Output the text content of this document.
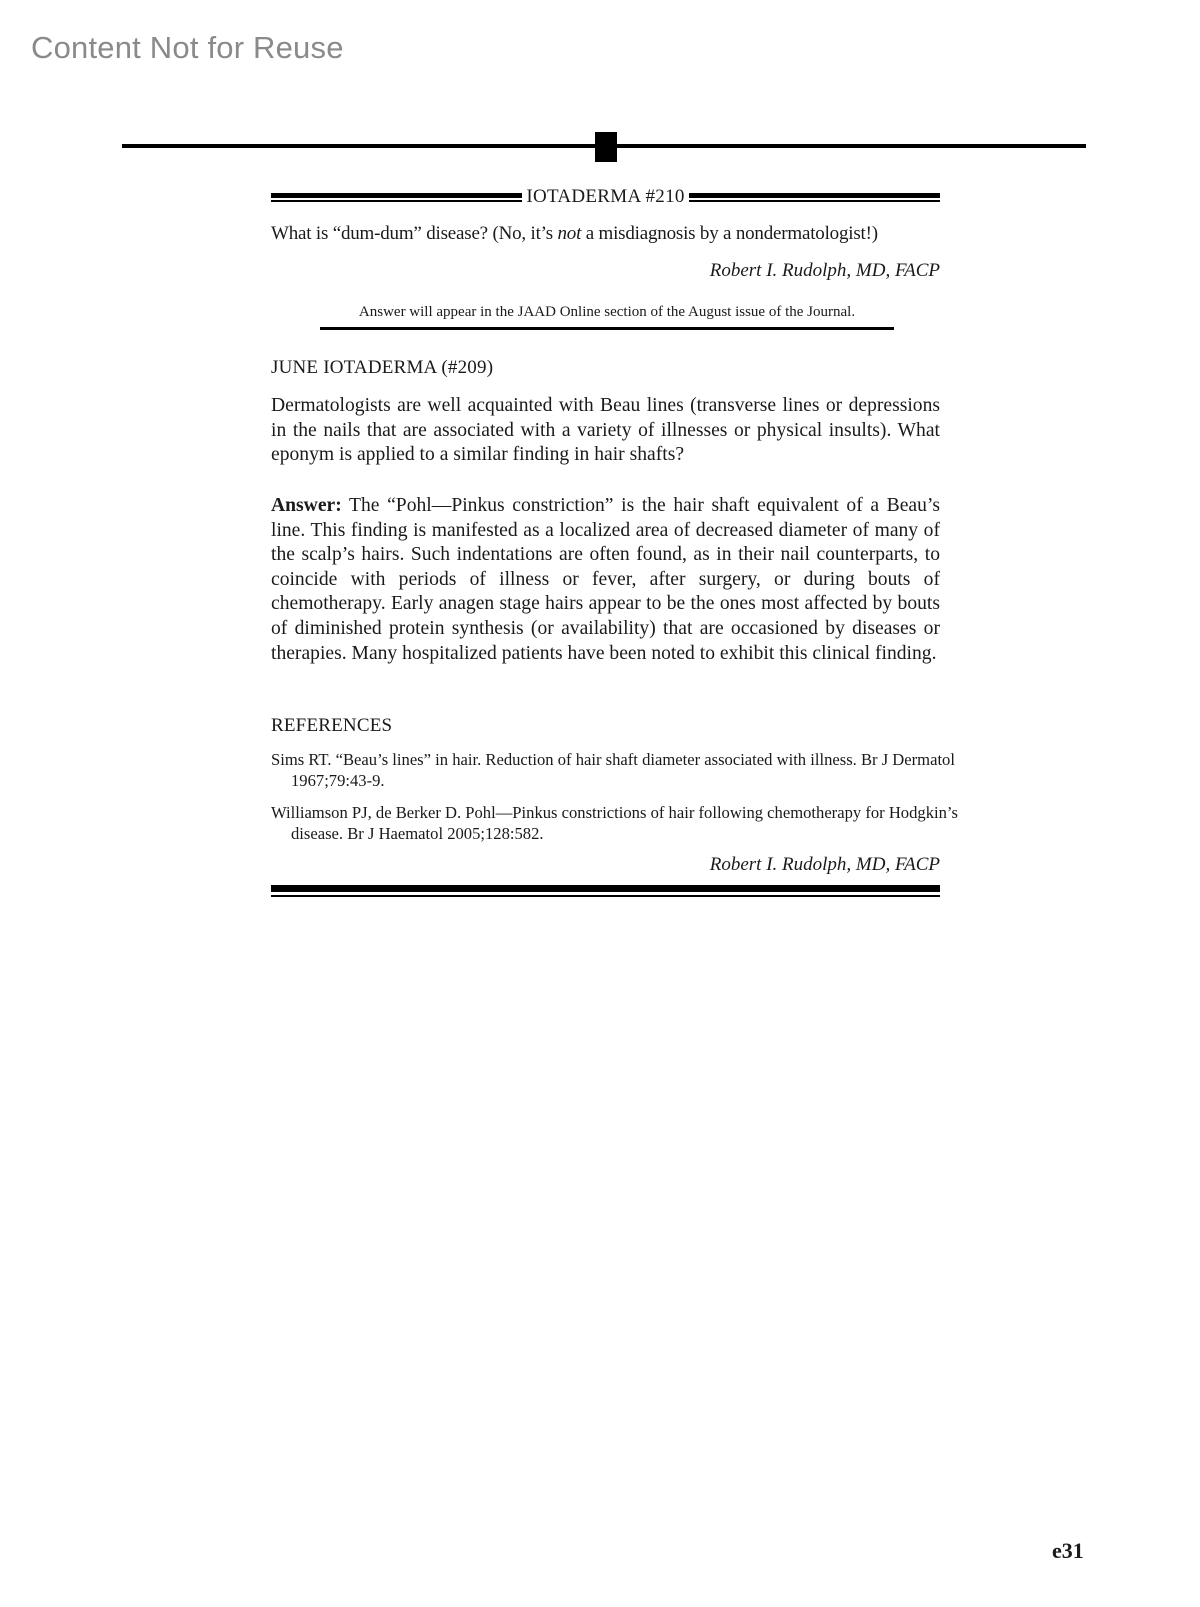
Content Not for Reuse
IOTADERMA #210
What is “dum-dum” disease? (No, it’s not a misdiagnosis by a nondermatologist!)
Robert I. Rudolph, MD, FACP
Answer will appear in the JAAD Online section of the August issue of the Journal.
JUNE IOTADERMA (#209)
Dermatologists are well acquainted with Beau lines (transverse lines or depressions in the nails that are associated with a variety of illnesses or physical insults). What eponym is applied to a similar finding in hair shafts?
Answer: The “Pohl—Pinkus constriction” is the hair shaft equivalent of a Beau’s line. This finding is manifested as a localized area of decreased diameter of many of the scalp’s hairs. Such indentations are often found, as in their nail counterparts, to coincide with periods of illness or fever, after surgery, or during bouts of chemotherapy. Early anagen stage hairs appear to be the ones most affected by bouts of diminished protein synthesis (or availability) that are occasioned by diseases or therapies. Many hospitalized patients have been noted to exhibit this clinical finding.
REFERENCES
Sims RT. “Beau’s lines” in hair. Reduction of hair shaft diameter associated with illness. Br J Dermatol 1967;79:43-9.
Williamson PJ, de Berker D. Pohl—Pinkus constrictions of hair following chemotherapy for Hodgkin’s disease. Br J Haematol 2005;128:582.
Robert I. Rudolph, MD, FACP
e31
